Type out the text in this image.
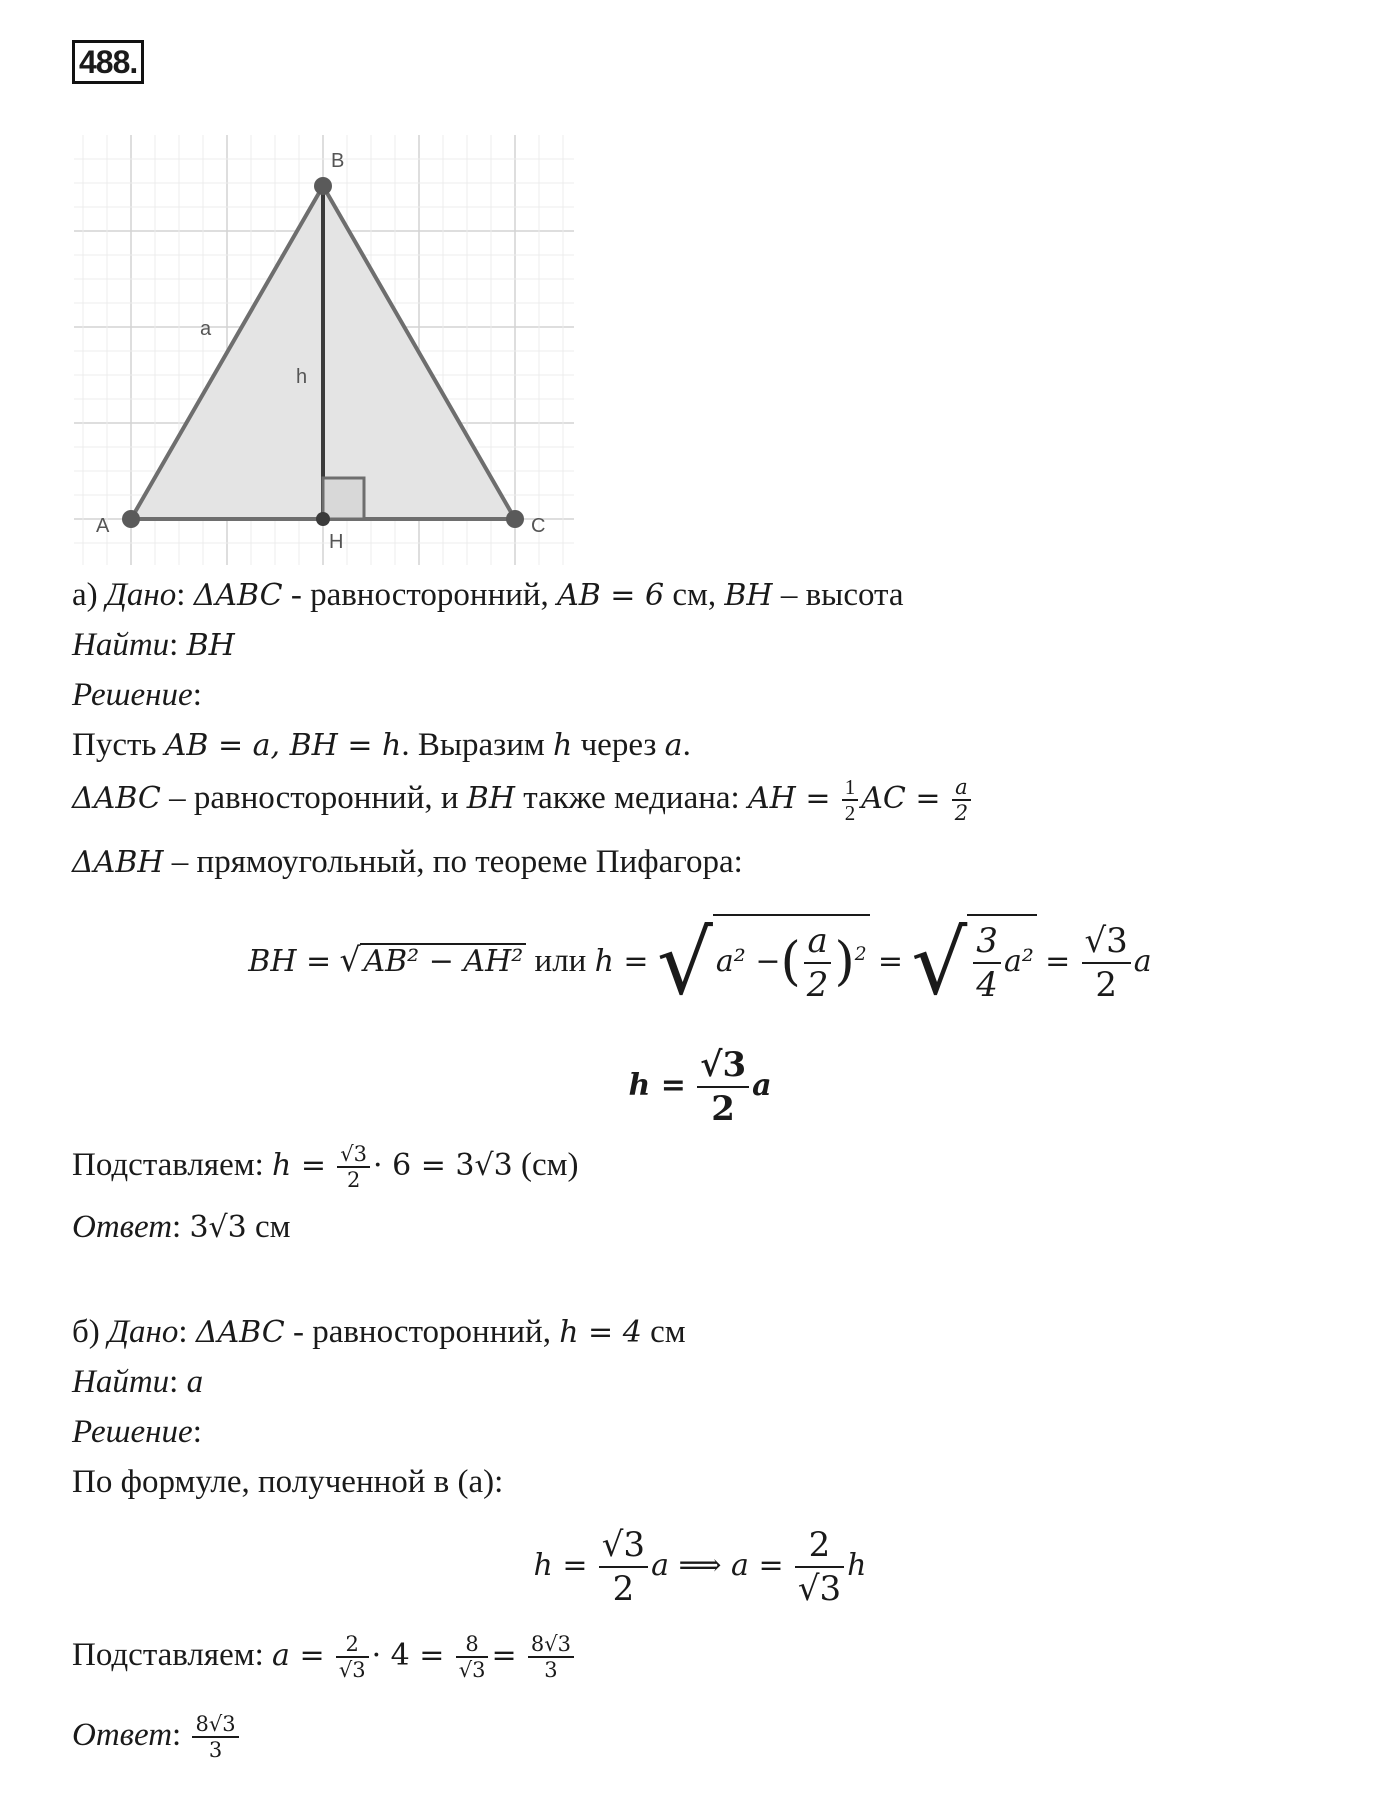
488.
A
B
C
H
a
h
а) Дано: ΔABC - равносторонний, AB = 6 см, BH – высота
Найти: BH
Решение:
Пусть AB = a, BH = h. Выразим h через a.
ΔABC – равносторонний, и BH также медиана: AH = $\frac{1}{2}$ AC = $\frac{a}{2}$
ΔABH – прямоугольный, по теореме Пифагора:
BH = √ AB² − AH² или h = √ a² −( $\frac{a}{2} )^2$ = √ $\frac{3}{4} a^2 = \frac{√3}{2}$ a
$h = \frac{√3}{2}$ a
Подставляем: $h = \frac{√3}{2} \cdot 6 = 3√3$ (см)
Ответ: 3√3 см
б) Дано: ΔABC - равносторонний, h = 4 см
Найти: a
Решение:
По формуле, полученной в (а):
$h = \frac{√3}{2}$ a ⟹ $a = \frac{2}{√3}$ h
Подставляем: $a = \frac{2}{√3} \cdot 4 = \frac{8}{√3} = \frac{8√3}{3}$
Ответ: $\frac{8√3}{3}$
